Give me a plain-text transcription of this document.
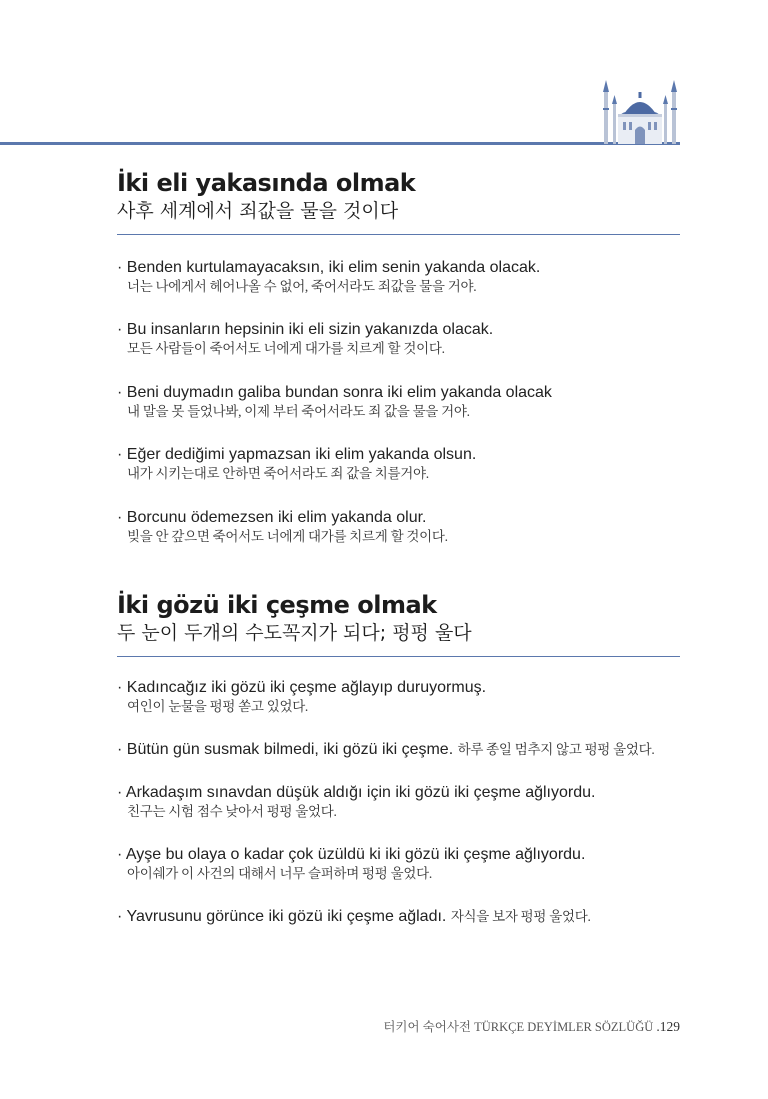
İki eli yakasında olmak
사후 세계에서 죄값을 물을 것이다
· Benden kurtulamayacaksın, iki elim senin yakanda olacak.
너는 나에게서 헤어나올 수 없어, 죽어서라도 죄값을 물을 거야.
· Bu insanların hepsinin iki eli sizin yakanızda olacak.
모든 사람들이 죽어서도 너에게 대가를 치르게 할 것이다.
· Beni duymadın galiba bundan sonra iki elim yakanda olacak
내 말을 못 들었나봐, 이제 부터 죽어서라도 죄 값을 물을 거야.
· Eğer dediğimi yapmazsan iki elim yakanda olsun.
내가 시키는대로 안하면 죽어서라도 죄 값을 치를거야.
· Borcunu ödemezsen iki elim yakanda olur.
빚을 안 갚으면 죽어서도 너에게 대가를 치르게 할 것이다.
İki gözü iki çeşme olmak
두 눈이 두개의 수도꼭지가 되다; 펑펑 울다
· Kadıncağız iki gözü iki çeşme ağlayıp duruyormuş.
여인이 눈물을 펑펑 쏟고 있었다.
· Bütün gün susmak bilmedi, iki gözü iki çeşme. 하루 종일 멈추지 않고 펑펑 울었다.
· Arkadaşım sınavdan düşük aldığı için iki gözü iki çeşme ağlıyordu.
친구는 시험 점수 낮아서 펑펑 울었다.
· Ayşe bu olaya o kadar çok üzüldü ki iki gözü iki çeşme ağlıyordu.
아이쉐가 이 사건의 대해서 너무 슬퍼하며 펑펑 울었다.
· Yavrusunu görünce iki gözü iki çeşme ağladı. 자식을 보자 펑펑 울었다.
터키어 숙어사전 TÜRKÇE DEYİMLER SÖZLÜĞÜ .129
